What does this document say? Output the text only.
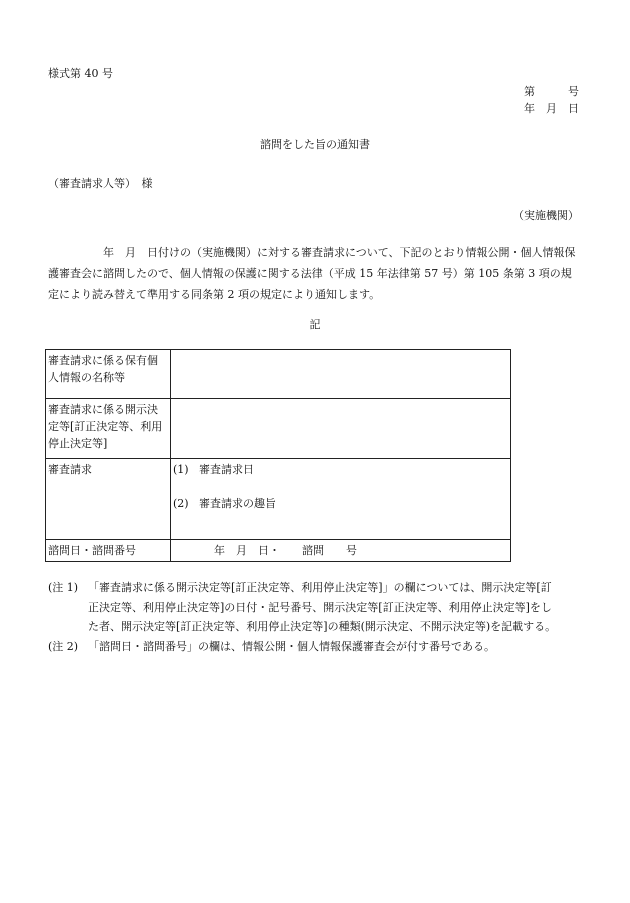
様式第 40 号
第　　　号
年　月　日
諮問をした旨の通知書
（審査請求人等）　様
（実施機関）
　　　　　年　月　日付けの（実施機関）に対する審査請求について、下記のとおり情報公開・個人情報保
護審査会に諮問したので、個人情報の保護に関する法律（平成 15 年法律第 57 号）第 105 条第 3 項の規
定により読み替えて準用する同条第 2 項の規定により通知します。
記
審査請求に係る保有個人情報の名称等	
審査請求に係る開示決定等[訂正決定等、利用停止決定等]	
審査請求	(1) 審査請求日
(2) 審査請求の趣旨

諮問日・諮問番号	年　月　日・　　諮問　　号
(注 1) 「審査請求に係る開示決定等[訂正決定等、利用停止決定等]」の欄については、開示決定等[訂
正決定等、利用停止決定等]の日付・記号番号、開示決定等[訂正決定等、利用停止決定等]をし
た者、開示決定等[訂正決定等、利用停止決定等]の種類(開示決定、不開示決定等)を記載する。
(注 2) 「諮問日・諮問番号」の欄は、情報公開・個人情報保護審査会が付す番号である。
